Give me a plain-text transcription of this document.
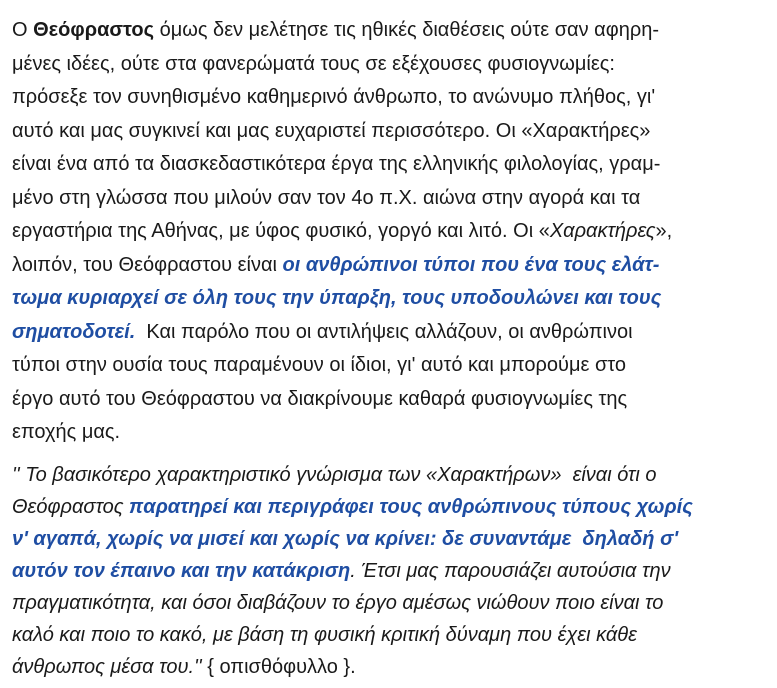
Ο Θεόφραστος όμως δεν μελέτησε τις ηθικές διαθέσεις ούτε σαν αφηρη-
μένες ιδέες, ούτε στα φανερώματά τους σε εξέχουσες φυσιογνωμίες:
πρόσεξε τον συνηθισμένο καθημερινό άνθρωπο, το ανώνυμο πλήθος, γι'
αυτό και μας συγκινεί και μας ευχαριστεί περισσότερο. Οι «Χαρακτήρες»
είναι ένα από τα διασκεδαστικότερα έργα της ελληνικής φιλολογίας, γραμ-
μένο στη γλώσσα που μιλούν σαν τον 4ο π.Χ. αιώνα στην αγορά και τα
εργαστήρια της Αθήνας, με ύφος φυσικό, γοργό και λιτό. Οι «Χαρακτήρες»,
λοιπόν, του Θεόφραστου είναι οι ανθρώπινοι τύποι που ένα τους ελάτ-
τωμα κυριαρχεί σε όλη τους την ύπαρξη, τους υποδουλώνει και τους
σηματοδοτεί.  Και παρόλο που οι αντιλήψεις αλλάζουν, οι ανθρώπινοι
τύποι στην ουσία τους παραμένουν οι ίδιοι, γι' αυτό και μπορούμε στο
έργο αυτό του Θεόφραστου να διακρίνουμε καθαρά φυσιογνωμίες της
εποχής μας.
'' Το βασικότερο χαρακτηριστικό γνώρισμα των «Χαρακτήρων»  είναι ότι ο
Θεόφραστος παρατηρεί και περιγράφει τους ανθρώπινους τύπους χωρίς
ν' αγαπά, χωρίς να μισεί και χωρίς να κρίνει: δε συναντάμε  δηλαδή σ'
αυτόν τον έπαινο και την κατάκριση. Έτσι μας παρουσιάζει αυτούσια την
πραγματικότητα, και όσοι διαβάζουν το έργο αμέσως νιώθουν ποιο είναι το
καλό και ποιο το κακό, με βάση τη φυσική κριτική δύναμη που έχει κάθε
άνθρωπος μέσα του.'' { οπισθόφυλλο }.
